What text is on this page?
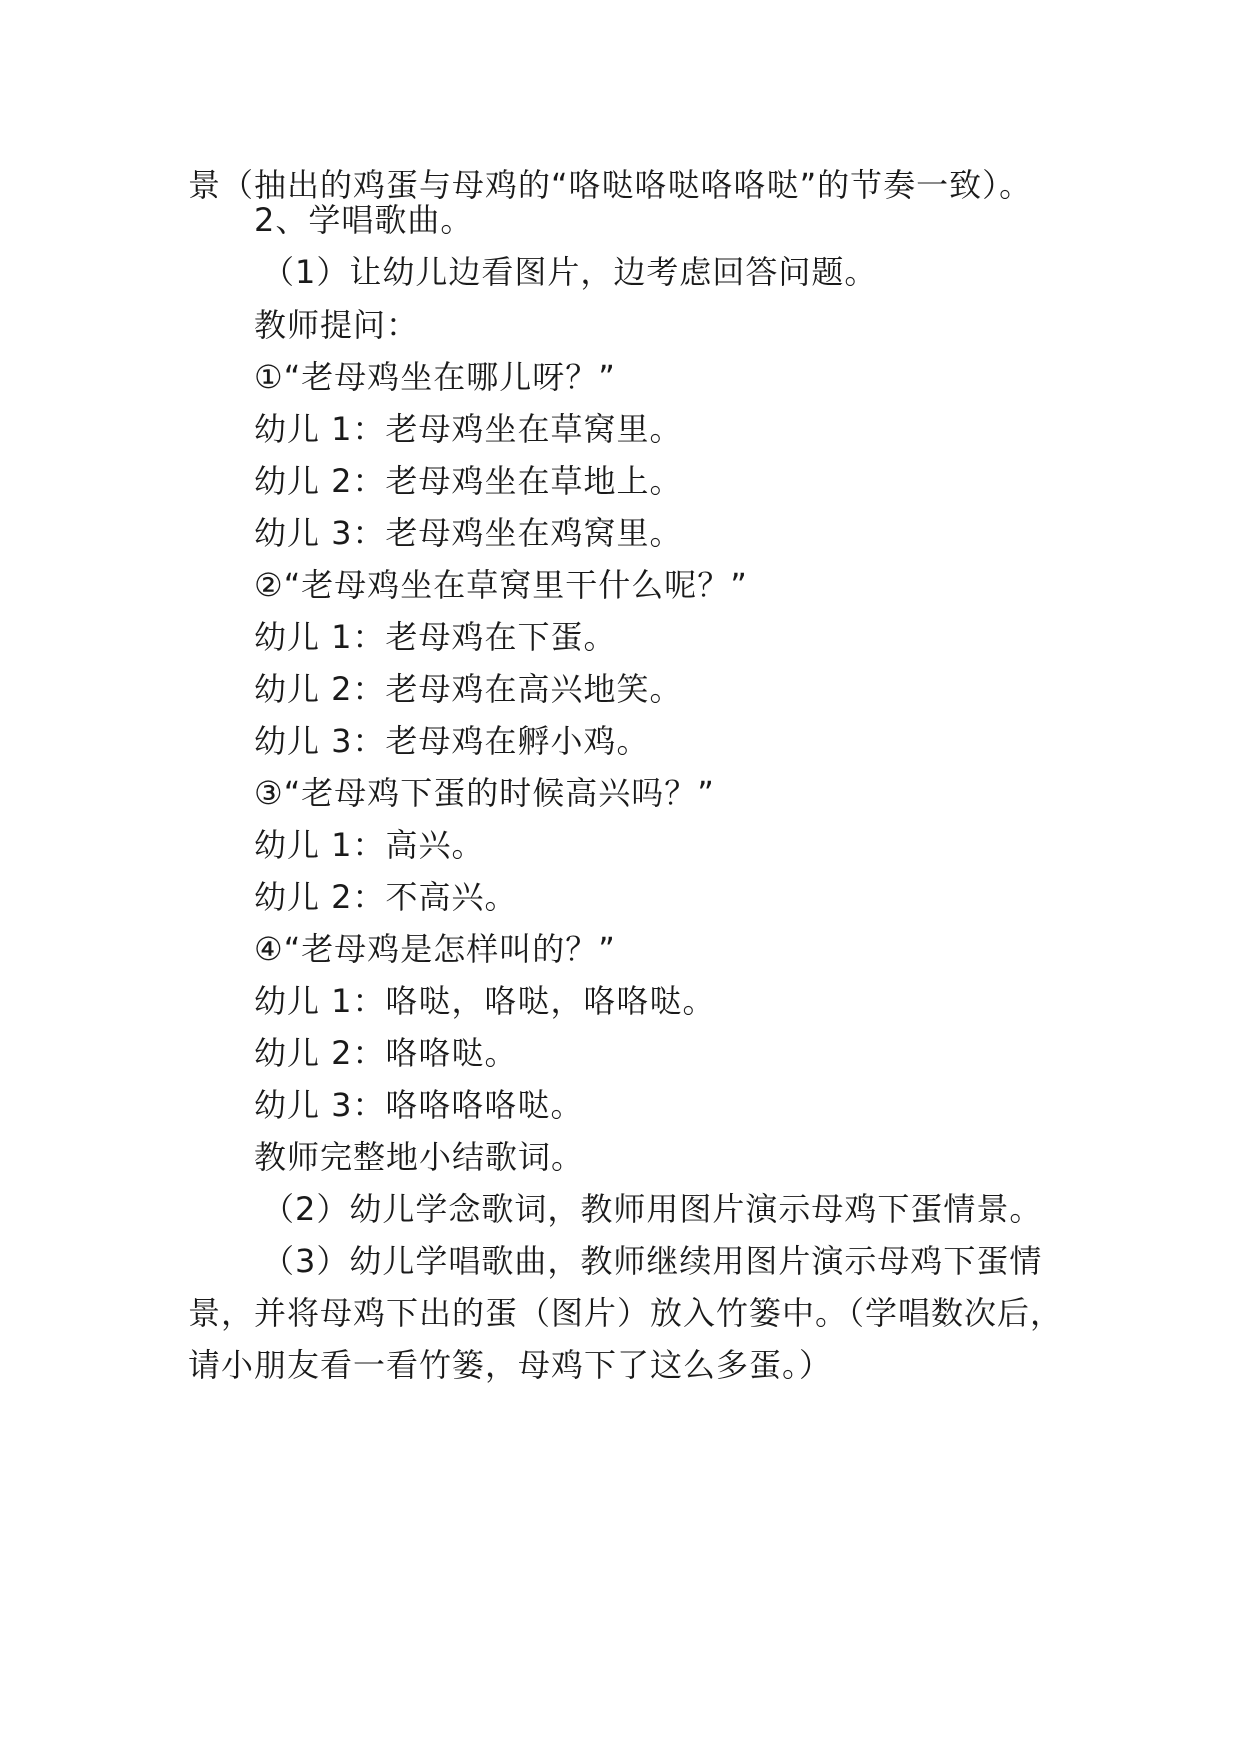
景（抽出的鸡蛋与母鸡的“咯哒咯哒咯咯哒”的节奏一致）。
2、学唱歌曲。
（1）让幼儿边看图片，边考虑回答问题。
教师提问：
①“老母鸡坐在哪儿呀？”
幼儿 1：老母鸡坐在草窝里。
幼儿 2：老母鸡坐在草地上。
幼儿 3：老母鸡坐在鸡窝里。
②“老母鸡坐在草窝里干什么呢？”
幼儿 1：老母鸡在下蛋。
幼儿 2：老母鸡在高兴地笑。
幼儿 3：老母鸡在孵小鸡。
③“老母鸡下蛋的时候高兴吗？”
幼儿 1：高兴。
幼儿 2：不高兴。
④“老母鸡是怎样叫的？”
幼儿 1：咯哒，咯哒，咯咯哒。
幼儿 2：咯咯哒。
幼儿 3：咯咯咯咯哒。
教师完整地小结歌词。
（2）幼儿学念歌词，教师用图片演示母鸡下蛋情景。
（3）幼儿学唱歌曲，教师继续用图片演示母鸡下蛋情
景，并将母鸡下出的蛋（图片）放入竹篓中。（学唱数次后，
请小朋友看一看竹篓，母鸡下了这么多蛋。）
